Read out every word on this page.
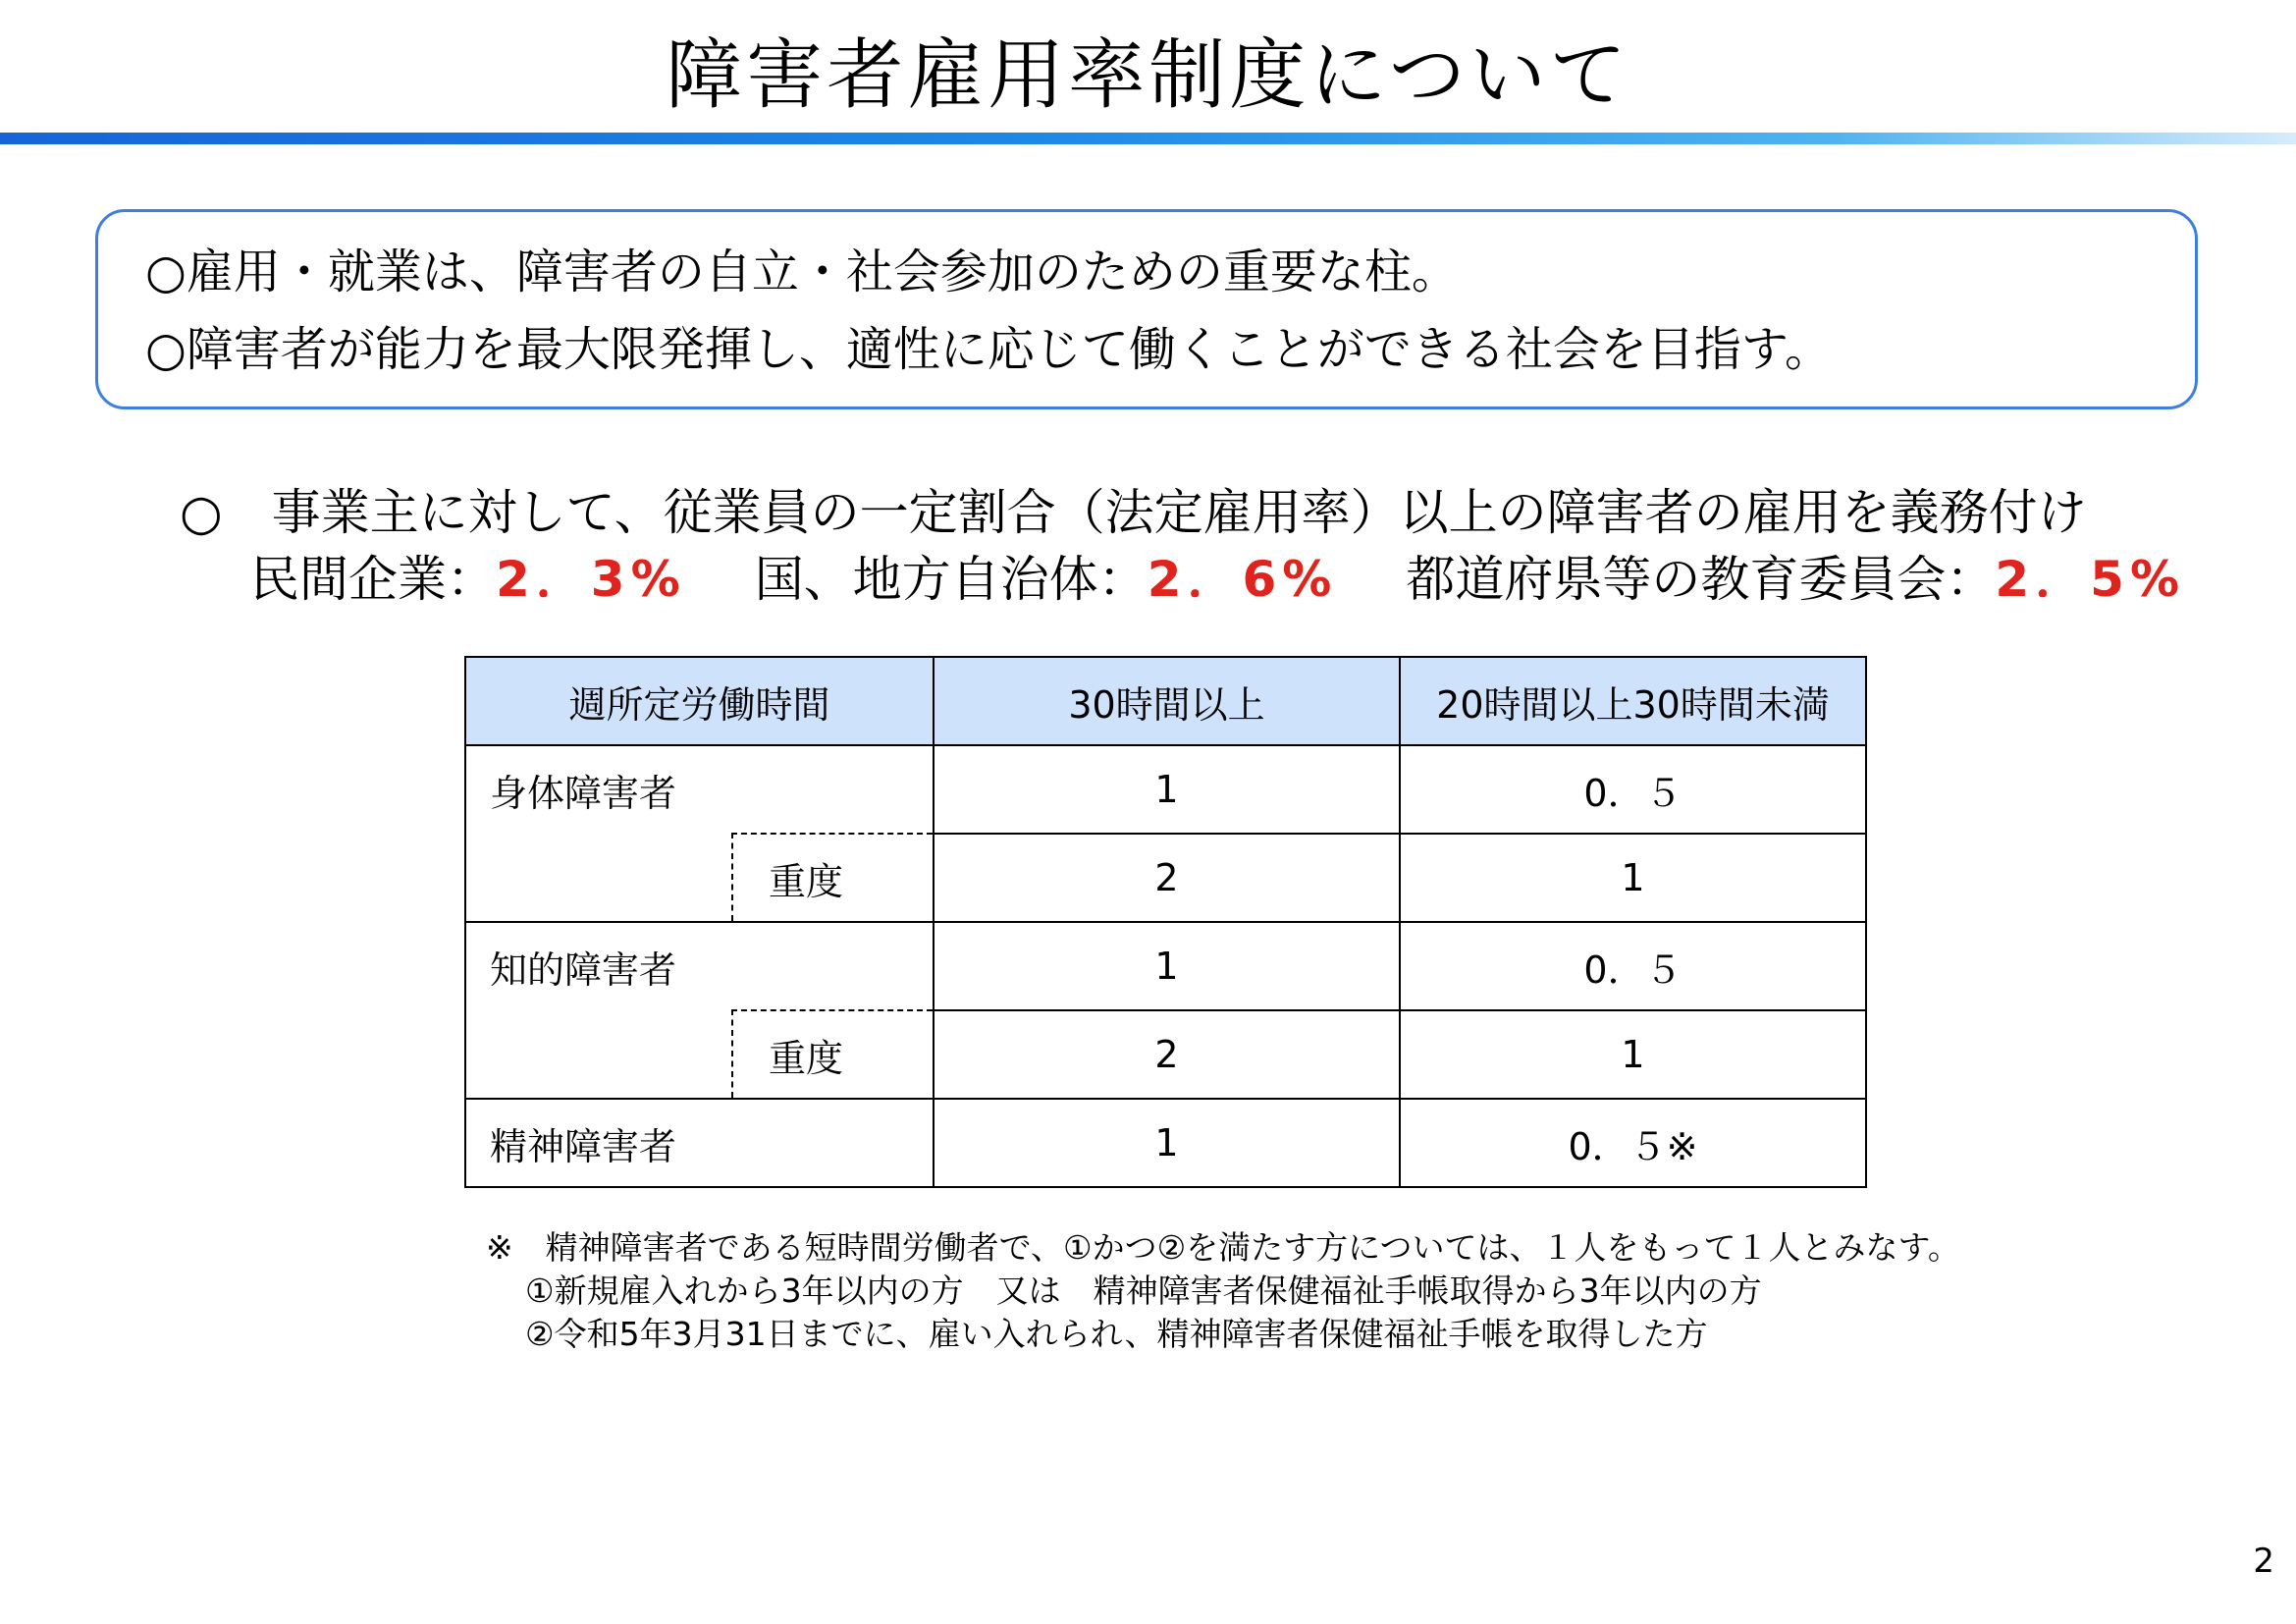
障害者雇用率制度について
○雇用・就業は、障害者の自立・社会参加のための重要な柱。
○障害者が能力を最大限発揮し、適性に応じて働くことができる社会を目指す。
○　事業主に対して、従業員の一定割合（法定雇用率）以上の障害者の雇用を義務付け
民間企業：2．3% 国、地方自治体：2．6% 都道府県等の教育委員会：2．5%
週所定労働時間		30時間以上	20時間以上30時間未満
身体障害者		1	0．５
	重度	2	1
知的障害者		1	0．５
	重度	2	1
精神障害者		1	0．５※
※　精神障害者である短時間労働者で、①かつ②を満たす方については、１人をもって１人とみなす。
①新規雇入れから3年以内の方　又は　精神障害者保健福祉手帳取得から3年以内の方
②令和5年3月31日までに、雇い入れられ、精神障害者保健福祉手帳を取得した方
2
